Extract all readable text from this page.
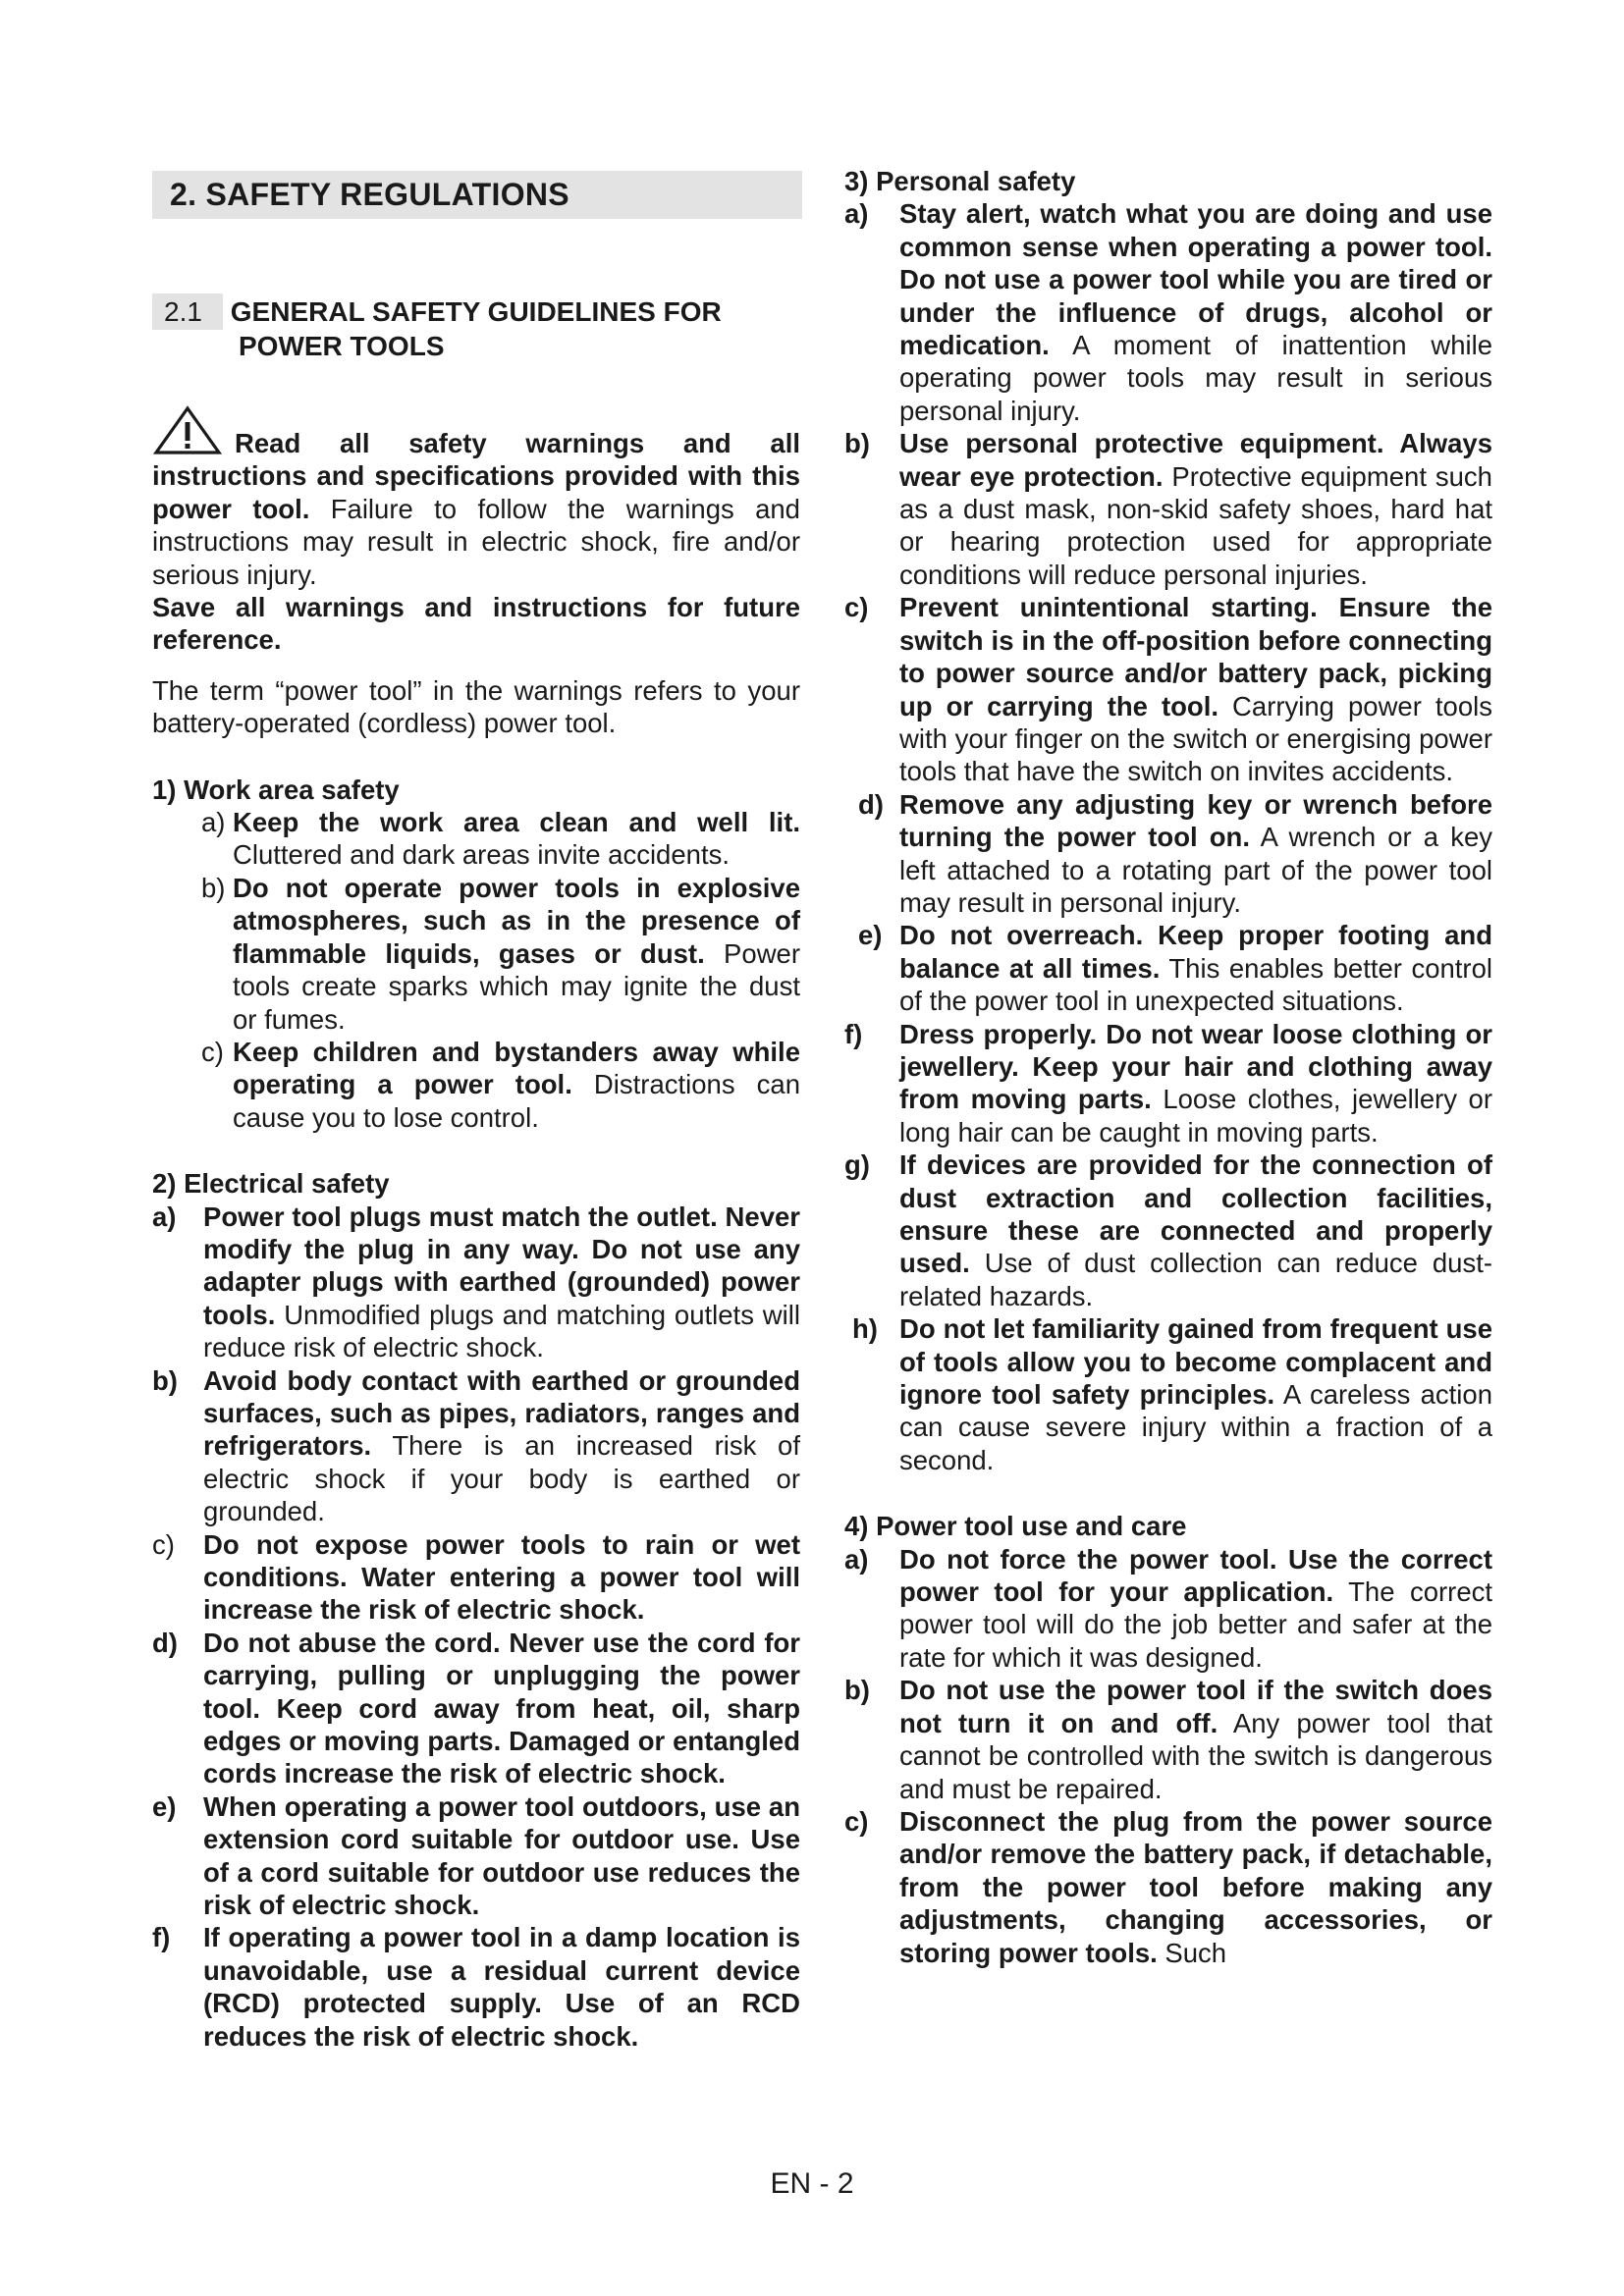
2. SAFETY REGULATIONS
2.1 GENERAL SAFETY GUIDELINES FOR
POWER TOOLS

Read all safety warnings and all instructions and specifications provided with this power tool. Failure to follow the warnings and instructions may result in electric shock, fire and/or serious injury.

Save all warnings and instructions for future reference.

The term “power tool” in the warnings refers to your battery-operated (cordless) power tool.

1) Work area safety

a) Keep the work area clean and well lit. Cluttered and dark areas invite accidents.
b) Do not operate power tools in explosive atmospheres, such as in the presence of flammable liquids, gases or dust. Power tools create sparks which may ignite the dust or fumes.
c) Keep children and bystanders away while operating a power tool. Distractions can cause you to lose control.

2) Electrical safety

a) Power tool plugs must match the outlet. Never modify the plug in any way. Do not use any adapter plugs with earthed (grounded) power tools. Unmodified plugs and matching outlets will reduce risk of electric shock.
b) Avoid body contact with earthed or grounded surfaces, such as pipes, radiators, ranges and refrigerators. There is an increased risk of electric shock if your body is earthed or grounded.
c) Do not expose power tools to rain or wet conditions. Water entering a power tool will increase the risk of electric shock.
d) Do not abuse the cord. Never use the cord for carrying, pulling or unplugging the power tool. Keep cord away from heat, oil, sharp edges or moving parts. Damaged or entangled cords increase the risk of electric shock.
e) When operating a power tool outdoors, use an extension cord suitable for outdoor use. Use of a cord suitable for outdoor use reduces the risk of electric shock.
f) If operating a power tool in a damp location is unavoidable, use a residual current device (RCD) protected supply. Use of an RCD reduces the risk of electric shock.

3) Personal safety

a) Stay alert, watch what you are doing and use common sense when operating a power tool. Do not use a power tool while you are tired or under the influence of drugs, alcohol or medication. A moment of inattention while operating power tools may result in serious personal injury.
b) Use personal protective equipment. Always wear eye protection. Protective equipment such as a dust mask, non-skid safety shoes, hard hat or hearing protection used for appropriate conditions will reduce personal injuries.
c) Prevent unintentional starting. Ensure the switch is in the off-position before connecting to power source and/or battery pack, picking up or carrying the tool. Carrying power tools with your finger on the switch or energising power tools that have the switch on invites accidents.
d) Remove any adjusting key or wrench before turning the power tool on. A wrench or a key left attached to a rotating part of the power tool may result in personal injury.
e) Do not overreach. Keep proper footing and balance at all times. This enables better control of the power tool in unexpected situations.
f) Dress properly. Do not wear loose clothing or jewellery. Keep your hair and clothing away from moving parts. Loose clothes, jewellery or long hair can be caught in moving parts.
g) If devices are provided for the connection of dust extraction and collection facilities, ensure these are connected and properly used. Use of dust collection can reduce dust-related hazards.
h) Do not let familiarity gained from frequent use of tools allow you to become complacent and ignore tool safety principles. A careless action can cause severe injury within a fraction of a second.

4) Power tool use and care

a) Do not force the power tool. Use the correct power tool for your application. The correct power tool will do the job better and safer at the rate for which it was designed.
b) Do not use the power tool if the switch does not turn it on and off. Any power tool that cannot be controlled with the switch is dangerous and must be repaired.
c) Disconnect the plug from the power source and/or remove the battery pack, if detachable, from the power tool before making any adjustments, changing accessories, or storing power tools. Such
EN - 2
